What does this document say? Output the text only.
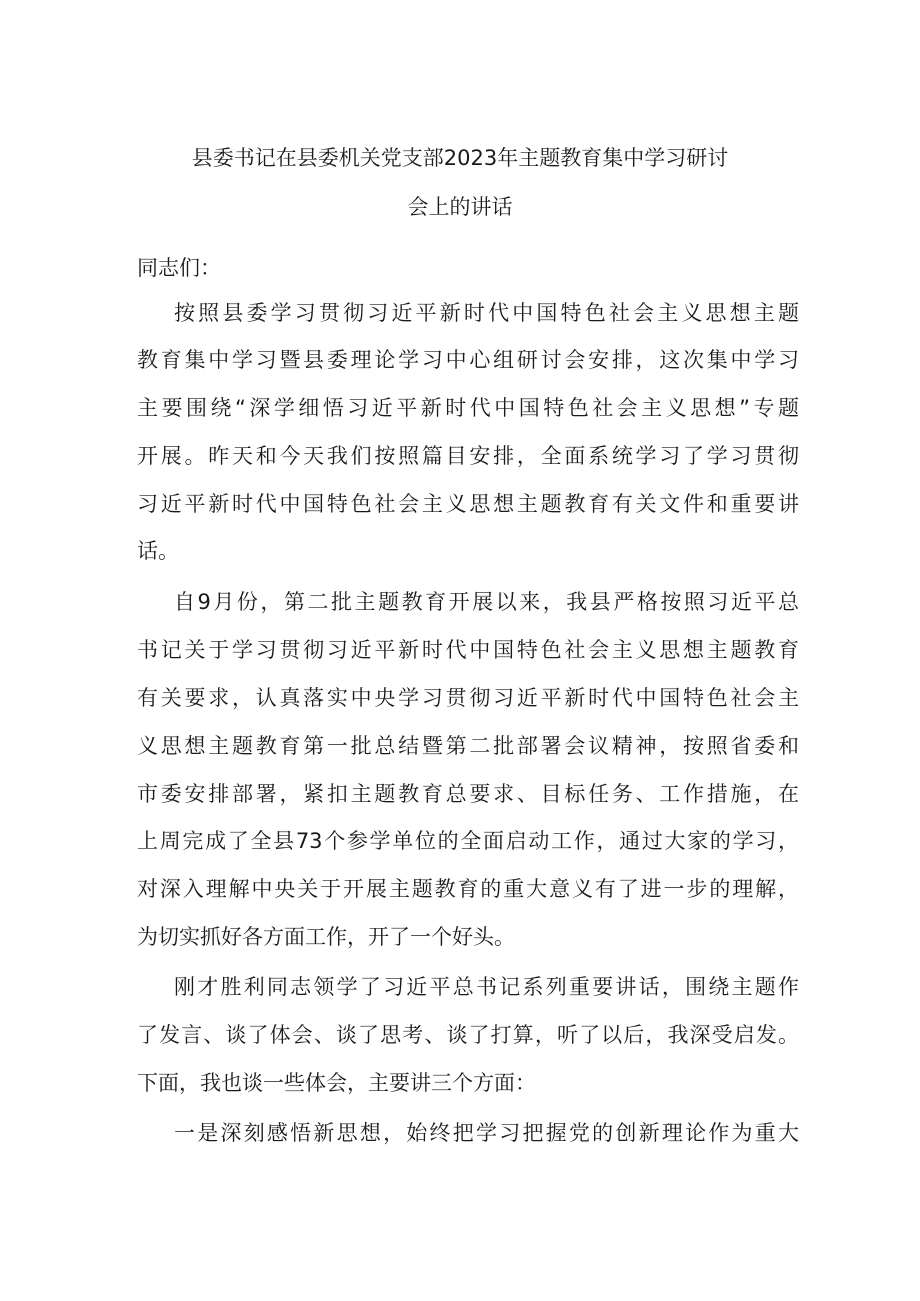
县委书记在县委机关党支部2023年主题教育集中学习研讨
会上的讲话
同志们：
按照县委学习贯彻习近平新时代中国特色社会主义思想主题
教育集中学习暨县委理论学习中心组研讨会安排，这次集中学习
主要围绕“深学细悟习近平新时代中国特色社会主义思想”专题
开展。昨天和今天我们按照篇目安排，全面系统学习了学习贯彻
习近平新时代中国特色社会主义思想主题教育有关文件和重要讲
话。
自9月份，第二批主题教育开展以来，我县严格按照习近平总
书记关于学习贯彻习近平新时代中国特色社会主义思想主题教育
有关要求，认真落实中央学习贯彻习近平新时代中国特色社会主
义思想主题教育第一批总结暨第二批部署会议精神，按照省委和
市委安排部署，紧扣主题教育总要求、目标任务、工作措施，在
上周完成了全县73个参学单位的全面启动工作，通过大家的学习，
对深入理解中央关于开展主题教育的重大意义有了进一步的理解，
为切实抓好各方面工作，开了一个好头。
刚才胜利同志领学了习近平总书记系列重要讲话，围绕主题作
了发言、谈了体会、谈了思考、谈了打算，听了以后，我深受启发。
下面，我也谈一些体会，主要讲三个方面：
一是深刻感悟新思想，始终把学习把握党的创新理论作为重大
